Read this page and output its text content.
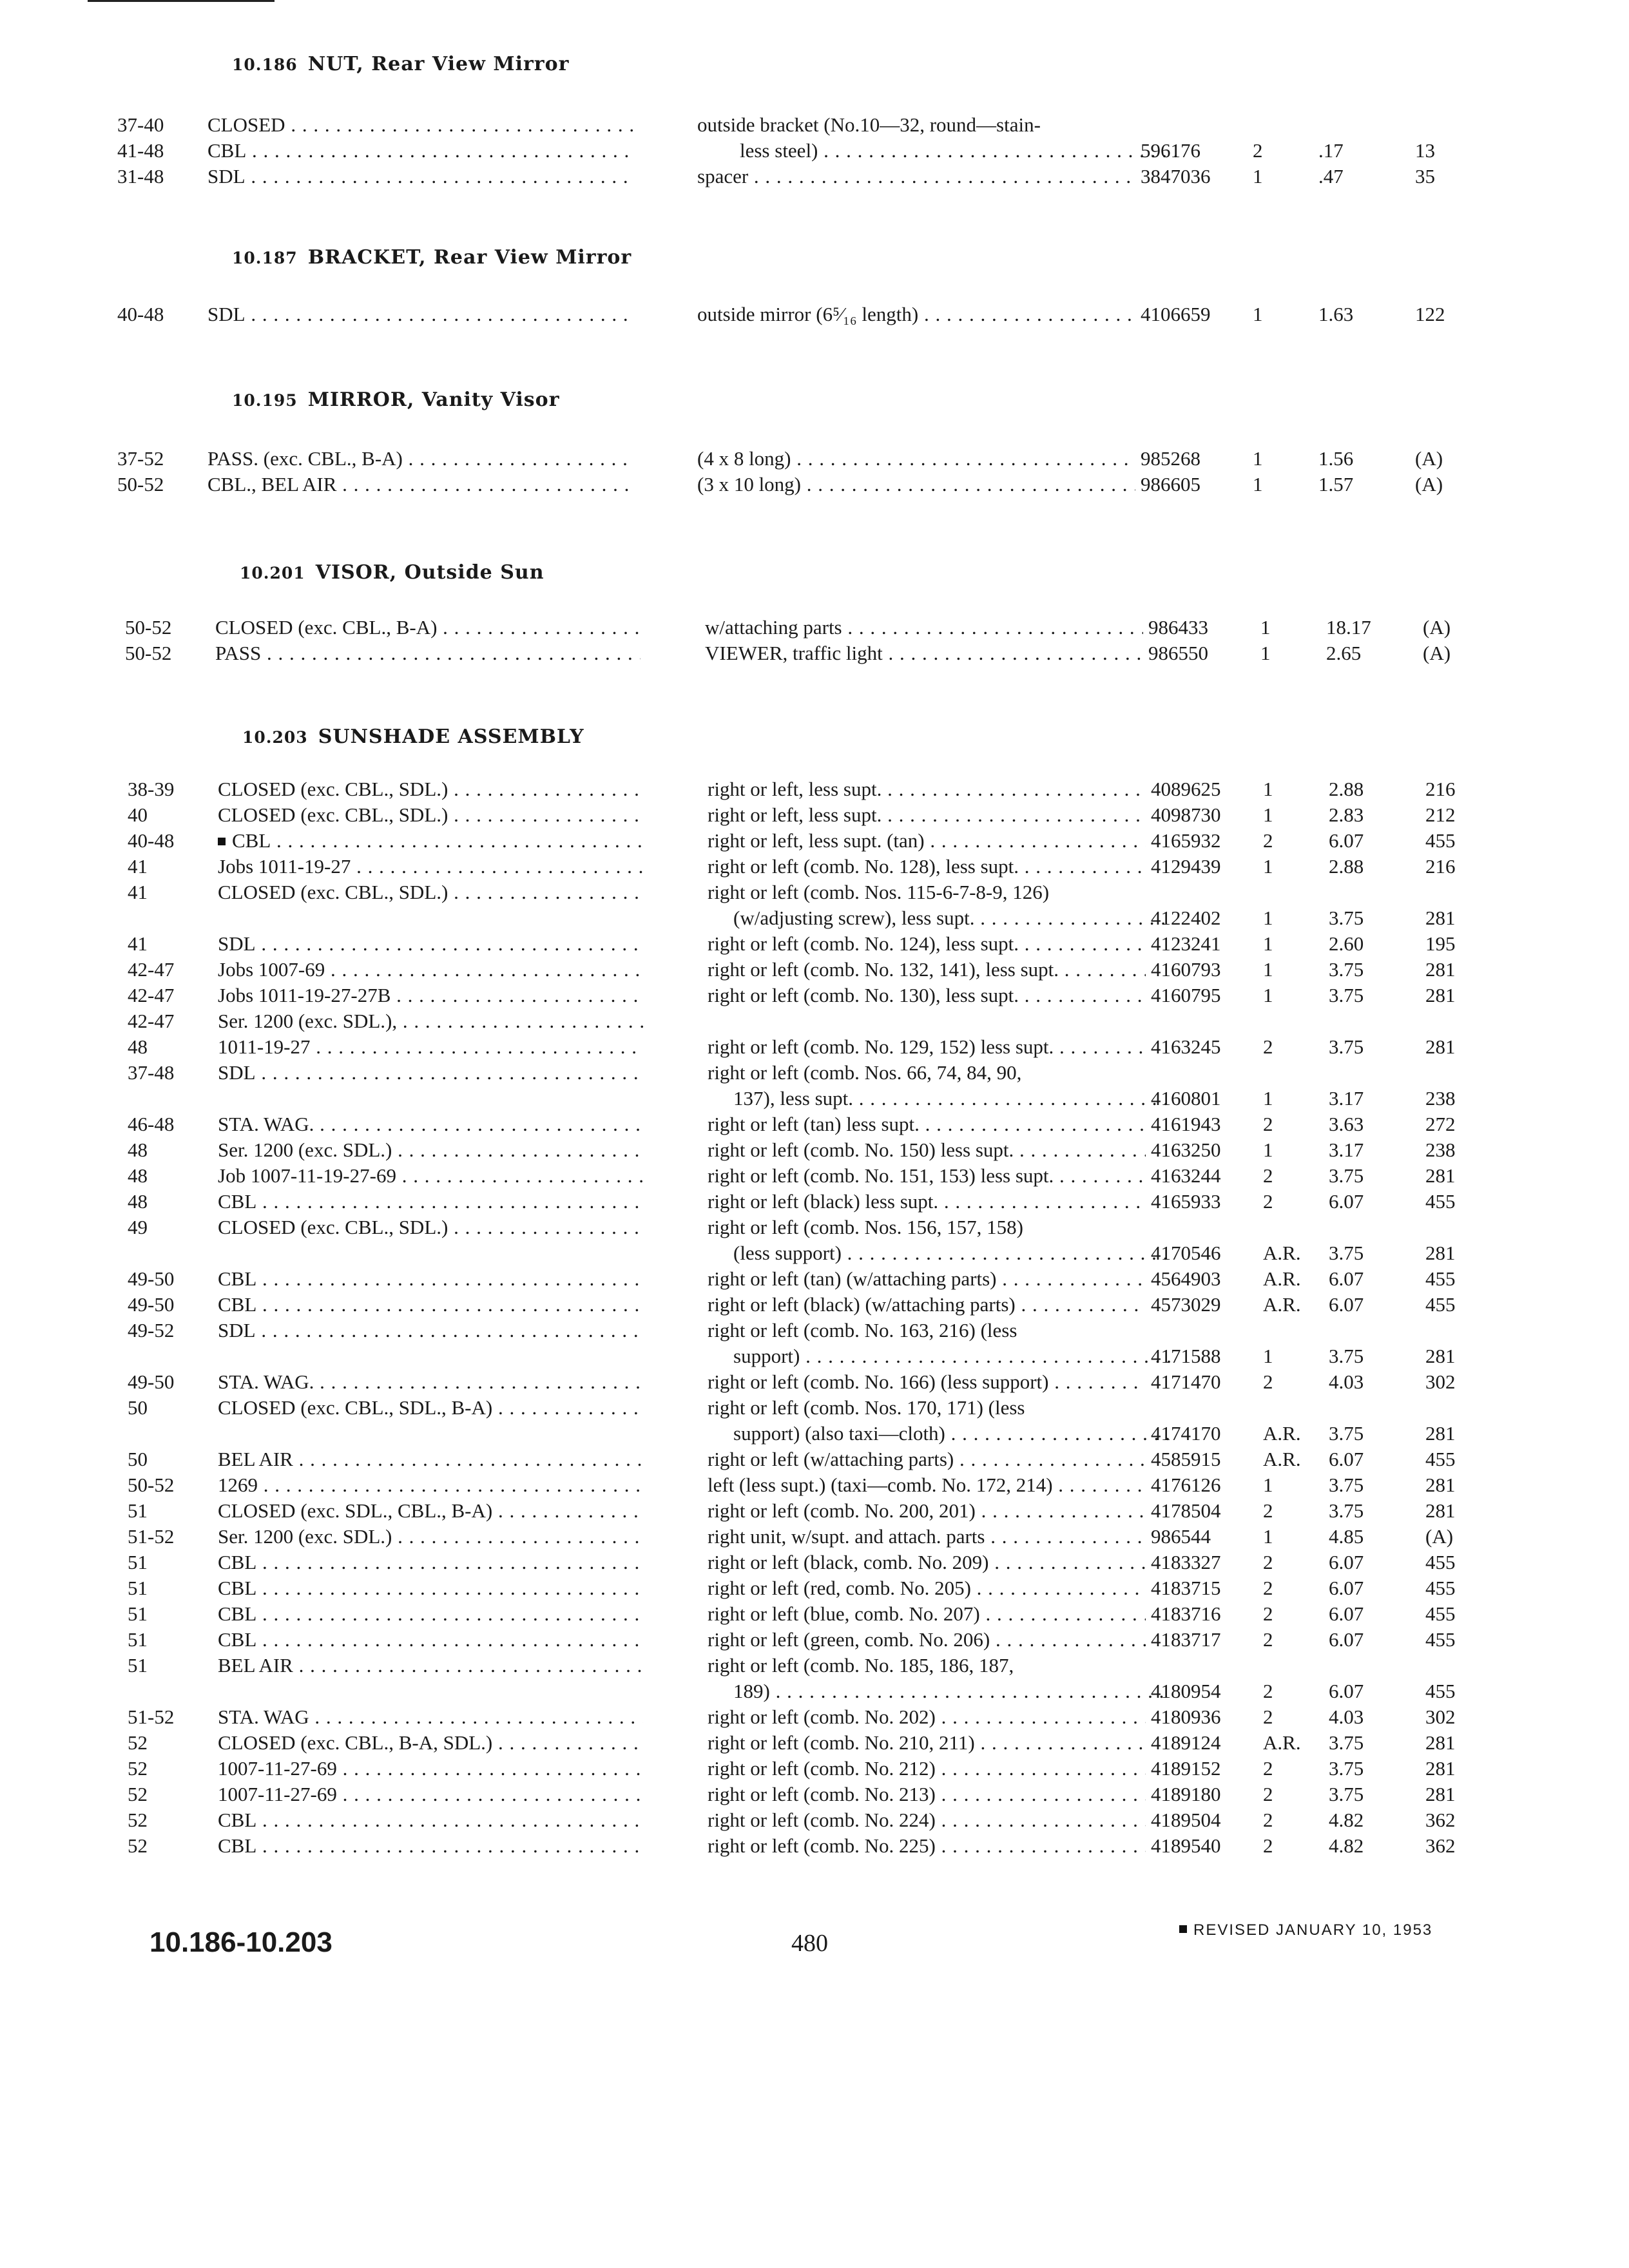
10.186 NUT, Rear View Mirror
37-40 CLOSED . . .	outside bracket (No.10—32, round—stain-
41-48 CBL . . .	less steel) . . .	596176	2	.17	13
31-48 SDL . . .	spacer . . .	3847036 1	.47	35
10.187 BRACKET, Rear View Mirror
40-48 SDL . . .	outside mirror (6⁵⁄₁₆ length) . . .	4106659 1	1.63	122
10.195 MIRROR, Vanity Visor
37-52 PASS. (exc. CBL., B-A) . . .	(4 x 8 long) . . .	985268	1	1.56	(A)
50-52 CBL., BEL AIR . . .	(3 x 10 long) . . .	986605	1	1.57	(A)
10.201 VISOR, Outside Sun
50-52 CLOSED (exc. CBL., B-A) . . .	w/attaching parts . . .	986433	1	18.17	(A)
50-52 PASS . . .	VIEWER, traffic light . . .	986550	1	2.65	(A)
10.203 SUNSHADE ASSEMBLY
38-39 CLOSED (exc. CBL., SDL.) . . .	right or left, less supt. . . .	4089625 1	2.88	216
40	CLOSED (exc. CBL., SDL.) . . .	right or left, less supt. . . .	4098730 1	2.83	212
40-48	CBL . . .	right or left, less supt. (tan) . . .	4165932 2	6.07	455
41	Jobs 1011-19-27 . . .	right or left (comb. No. 128), less supt. . . .	4129439 1	2.88	216
41	CLOSED (exc. CBL., SDL.) . . .	right or left (comb. Nos. 115-6-7-8-9, 126)
(w/adjusting screw), less supt. . . .	4122402 1	3.75	281
41	SDL . . .	right or left (comb. No. 124), less supt. . . .	4123241 1	2.60	195
42-47 Jobs 1007-69 . . .	right or left (comb. No. 132, 141), less supt. . . .	4160793 1	3.75	281
42-47 Jobs 1011-19-27-27B . . .	right or left (comb. No. 130), less supt. . . .	4160795 1	3.75	281
42-47 Ser. 1200 (exc. SDL.), . . .
48	1011-19-27 . . .	right or left (comb. No. 129, 152) less supt. . . .	4163245 2	3.75	281
37-48 SDL . . .	right or left (comb. Nos. 66, 74, 84, 90,
137), less supt. . . .	4160801 1	3.17	238
46-48 STA. WAG. . . .	right or left (tan) less supt. . . .	4161943 2	3.63	272
48	Ser. 1200 (exc. SDL.) . . .	right or left (comb. No. 150) less supt. . . .	4163250 1	3.17	238
48	Job 1007-11-19-27-69 . . .	right or left (comb. No. 151, 153) less supt. . . .	4163244 2	3.75	281
48	CBL . . .	right or left (black) less supt. . . .	4165933 2	6.07	455
49	CLOSED (exc. CBL., SDL.) . . .	right or left (comb. Nos. 156, 157, 158)
(less support) . . .	4170546 A.R. 3.75	281
49-50 CBL . . .	right or left (tan) (w/attaching parts) . . .	4564903 A.R. 6.07	455
49-50 CBL . . .	right or left (black) (w/attaching parts) . . .	4573029 A.R. 6.07	455
49-52 SDL . . .	right or left (comb. No. 163, 216) (less
support) . . .	4171588 1	3.75	281
49-50 STA. WAG. . . .	right or left (comb. No. 166) (less support) . . .	4171470 2	4.03	302
50	CLOSED (exc. CBL., SDL., B-A) . . .	right or left (comb. Nos. 170, 171) (less
support) (also taxi—cloth) . . .	4174170 A.R. 3.75	281
50	BEL AIR . . .	right or left (w/attaching parts) . . .	4585915 A.R. 6.07	455
50-52 1269 . . .	left (less supt.) (taxi—comb. No. 172, 214) . . .	4176126 1	3.75	281
51	CLOSED (exc. SDL., CBL., B-A) . . .	right or left (comb. No. 200, 201) . . .	4178504 2	3.75	281
51-52 Ser. 1200 (exc. SDL.) . . .	right unit, w/supt. and attach. parts . . .	986544	1	4.85	(A)
51	CBL . . .	right or left (black, comb. No. 209) . . .	4183327 2	6.07	455
51	CBL . . .	right or left (red, comb. No. 205) . . .	4183715 2	6.07	455
51	CBL . . .	right or left (blue, comb. No. 207) . . .	4183716 2	6.07	455
51	CBL . . .	right or left (green, comb. No. 206) . . .	4183717 2	6.07	455
51	BEL AIR . . .	right or left (comb. No. 185, 186, 187,
189) . . .	4180954 2	6.07	455
51-52 STA. WAG . . .	right or left (comb. No. 202) . . .	4180936 2	4.03	302
52	CLOSED (exc. CBL., B-A, SDL.) . . .	right or left (comb. No. 210, 211) . . .	4189124 A.R. 3.75	281
52	1007-11-27-69 . . .	right or left (comb. No. 212) . . .	4189152 2	3.75	281
52	1007-11-27-69 . . .	right or left (comb. No. 213) . . .	4189180 2	3.75	281
52	CBL . . .	right or left (comb. No. 224) . . .	4189504 2	4.82	362
52	CBL . . .	right or left (comb. No. 225) . . .	4189540 2	4.82	362
10.186-10.203	480	REVISED JANUARY 10, 1953
